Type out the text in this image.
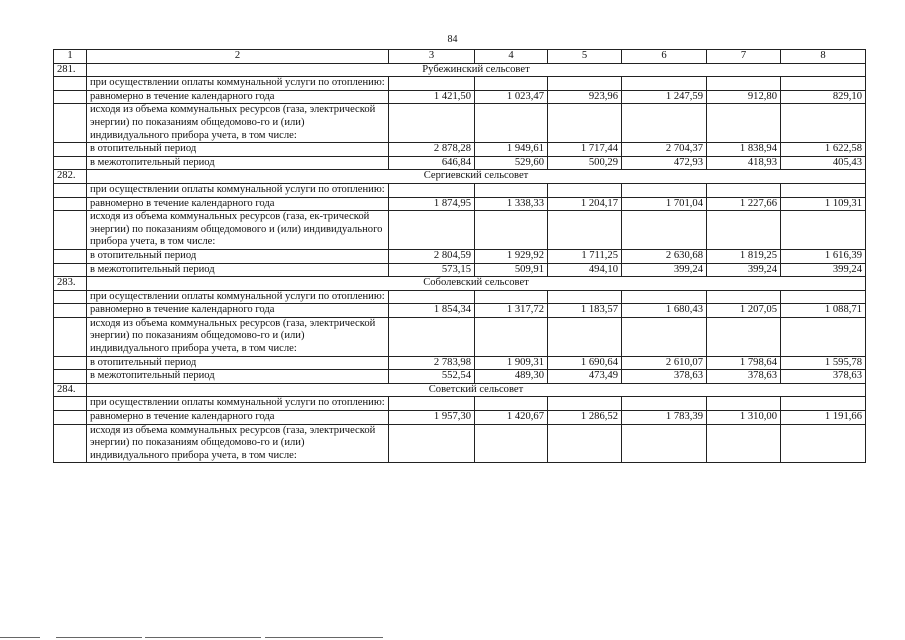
84
1	2	3	4	5	6	7	8
281.	Рубежинский сельсовет						
	при осуществлении оплаты коммунальной услуги по отоплению:						
	равномерно в течение календарного года	1 421,50	1 023,47	923,96	1 247,59	912,80	829,10
	исходя из объема коммунальных ресурсов (газа, электрической энергии) по показаниям общедомово-го и (или) индивидуального прибора учета, в том числе:						
	в отопительный период	2 878,28	1 949,61	1 717,44	2 704,37	1 838,94	1 622,58
	в межотопительный период	646,84	529,60	500,29	472,93	418,93	405,43
282.	Сергиевский сельсовет						
	при осуществлении оплаты коммунальной услуги по отоплению:						
	равномерно в течение календарного года	1 874,95	1 338,33	1 204,17	1 701,04	1 227,66	1 109,31
	исходя из объема коммунальных ресурсов (газа, ек-трической энергии) по показаниям общедомового и (или) индивидуального прибора учета, в том числе:						
	в отопительный период	2 804,59	1 929,92	1 711,25	2 630,68	1 819,25	1 616,39
	в межотопительный период	573,15	509,91	494,10	399,24	399,24	399,24
283.	Соболевский сельсовет						
	при осуществлении оплаты коммунальной услуги по отоплению:						
	равномерно в течение календарного года	1 854,34	1 317,72	1 183,57	1 680,43	1 207,05	1 088,71
	исходя из объема коммунальных ресурсов (газа, электрической энергии) по показаниям общедомово-го и (или) индивидуального прибора учета, в том числе:						
	в отопительный период	2 783,98	1 909,31	1 690,64	2 610,07	1 798,64	1 595,78
	в межотопительный период	552,54	489,30	473,49	378,63	378,63	378,63
284.	Советский сельсовет						
	при осуществлении оплаты коммунальной услуги по отоплению:						
	равномерно в течение календарного года	1 957,30	1 420,67	1 286,52	1 783,39	1 310,00	1 191,66
	исходя из объема коммунальных ресурсов (газа, электрической энергии) по показаниям общедомово-го и (или) индивидуального прибора учета, в том числе:						
